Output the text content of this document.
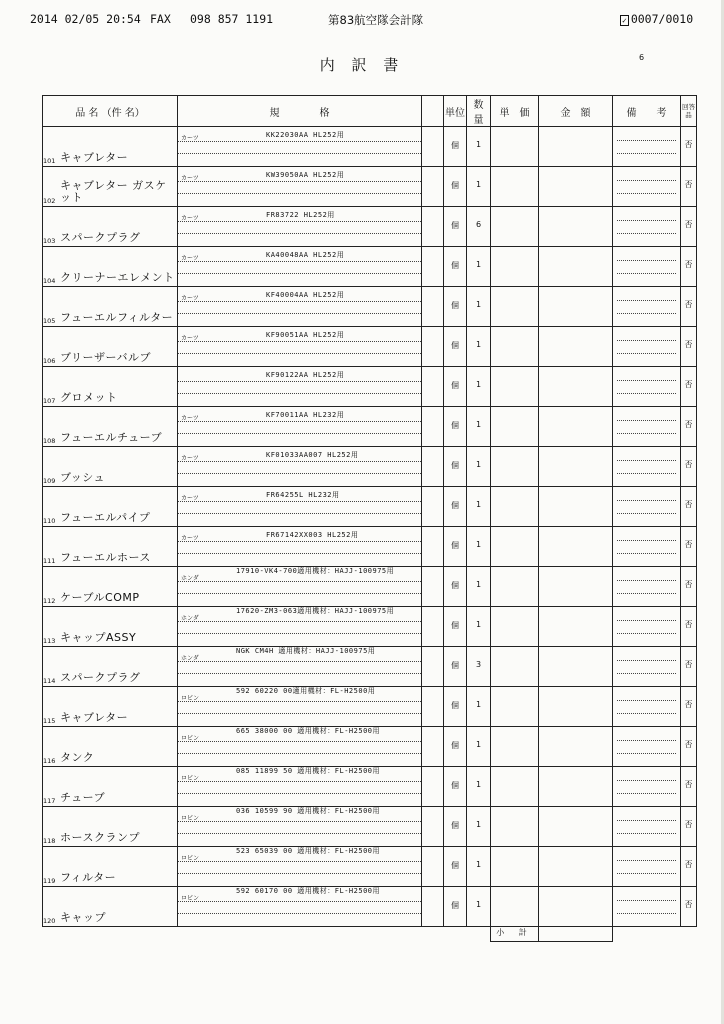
2014 02/05 20:54 FAX 098 857 1191	第83航空隊会計隊	✓ 0007/0010
内 訳 書	6
品 名 （件 名）	規　　　　格		単位	数 量	単　価	金　額	備　　考	回答品

101 キャブレター	カーツ KK22030AA HL252用		個	1				否

102
キャブレター ガスケット	カーツ KW39050AA HL252用		個	1				否

103 スパークプラグ	カーツ FR83722 HL252用		個	6				否

104 クリーナーエレメント	カーツ KA40048AA HL252用		個	1				否

105 フューエルフィルター	カーツ KF40004AA HL252用		個	1				否

106 ブリーザーバルブ	カーツ KF90051AA HL252用		個	1				否

107 グロメット	KF90122AA HL252用		個	1				否

108 フューエルチューブ	カーツ KF70011AA HL232用		個	1				否

109 ブッシュ	カーツ KF01033AA007 HL252用		個	1				否

110 フューエルパイプ	カーツ FR64255L HL232用		個	1				否

111 フューエルホース	カーツ FR67142XX003 HL252用		個	1				否

112 ケーブルCOMP	ホンダ
17910-VK4-700適用機材：HAJJ-100975用		個	1				否

113 キャップASSY	ホンダ
17620-ZM3-063適用機材：HAJJ-100975用		個	1				否

114 スパークプラグ	ホンダ
NGK CM4H 適用機材：HAJJ-100975用		個	3				否

115 キャブレター	ロビン
592 60220 00適用機材：FL-H2500用		個	1				否

116 タンク	ロビン
665 38000 00 適用機材：FL-H2500用		個	1				否

117 チューブ	ロビン
085 11899 50 適用機材：FL-H2500用		個	1				否

118 ホースクランプ	ロビン
036 10599 90 適用機材：FL-H2500用		個	1				否

119 フィルター	ロビン
523 65039 00 適用機材：FL-H2500用		個	1				否

120 キャップ	ロビン
592 60170 00 適用機材：FL-H2500用		個	1				否

					小 計			
